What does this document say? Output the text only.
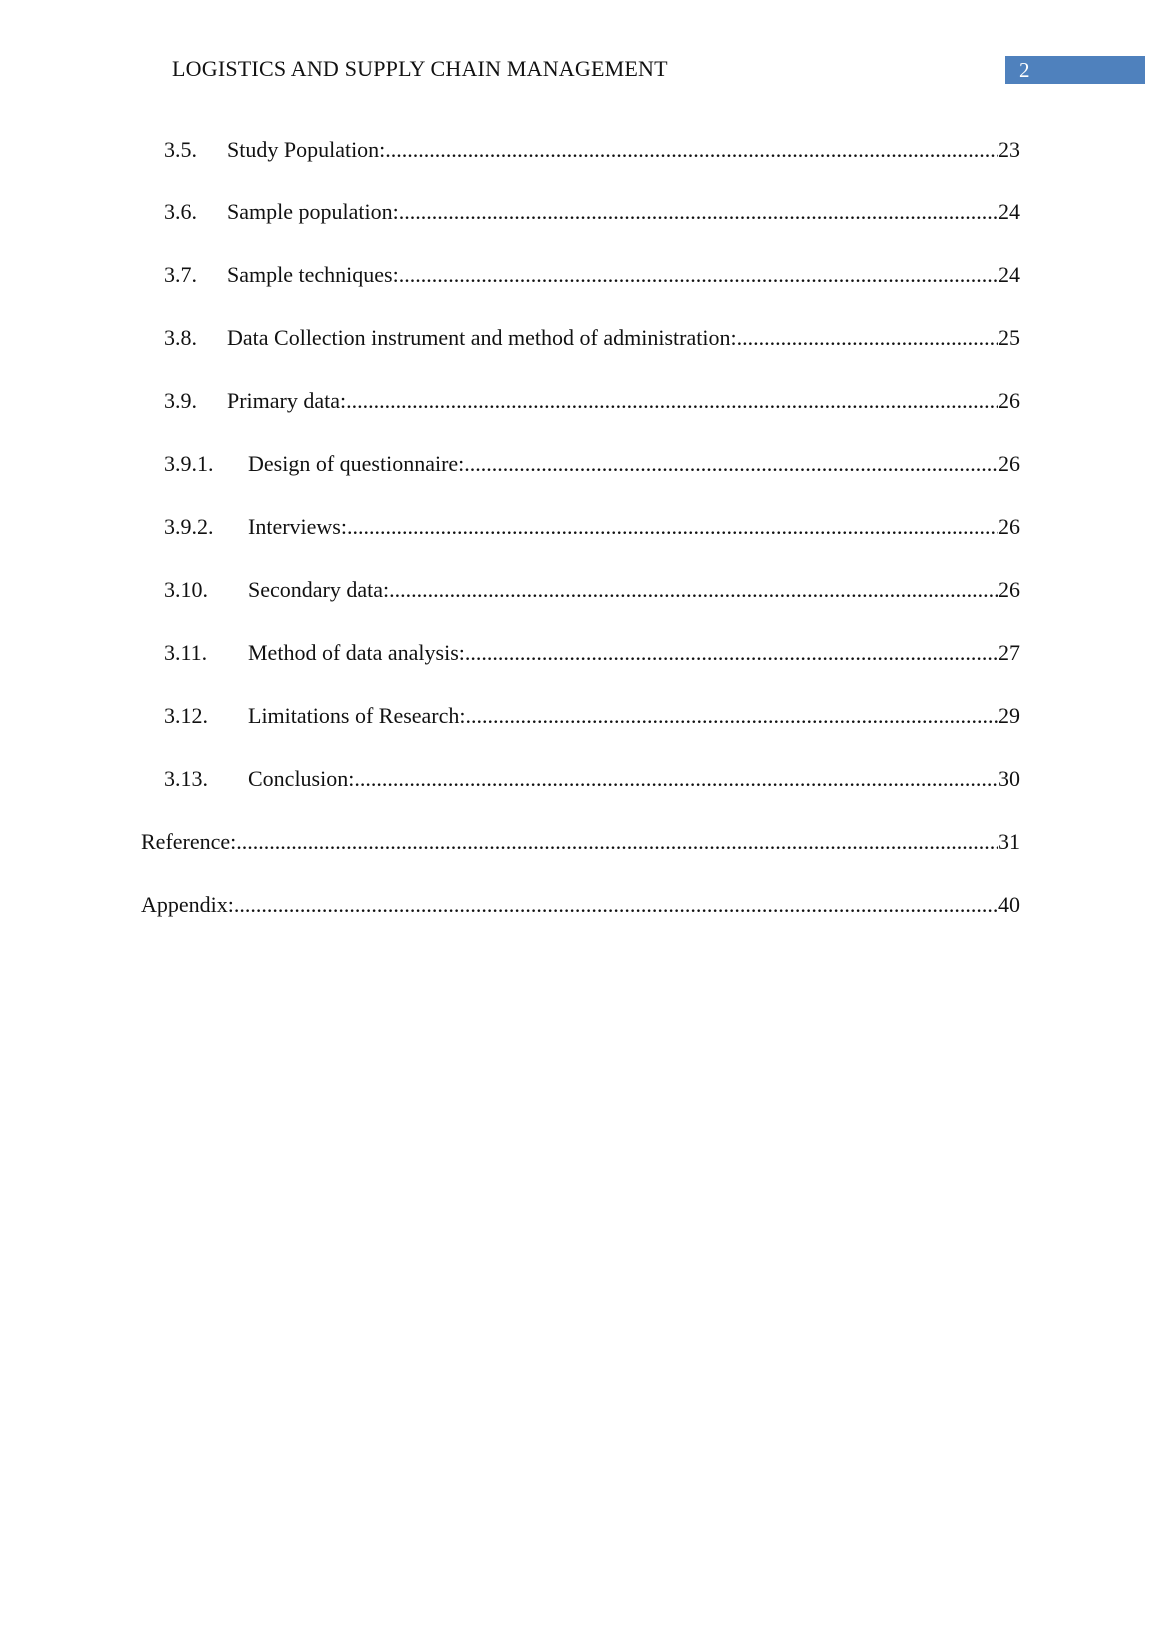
LOGISTICS AND SUPPLY CHAIN MANAGEMENT	2
3.5.	Study Population: .....	23
3.6.	Sample population: .....	24
3.7.	Sample techniques: .....	24
3.8.	Data Collection instrument and method of administration: .....	25
3.9.	Primary data: .....	26
3.9.1.	Design of questionnaire: .....	26
3.9.2.	Interviews: .....	26
3.10.	Secondary data: .....	26
3.11.	Method of data analysis: .....	27
3.12.	Limitations of Research: .....	29
3.13.	Conclusion: .....	30
Reference: .....	31
Appendix: .....	40
